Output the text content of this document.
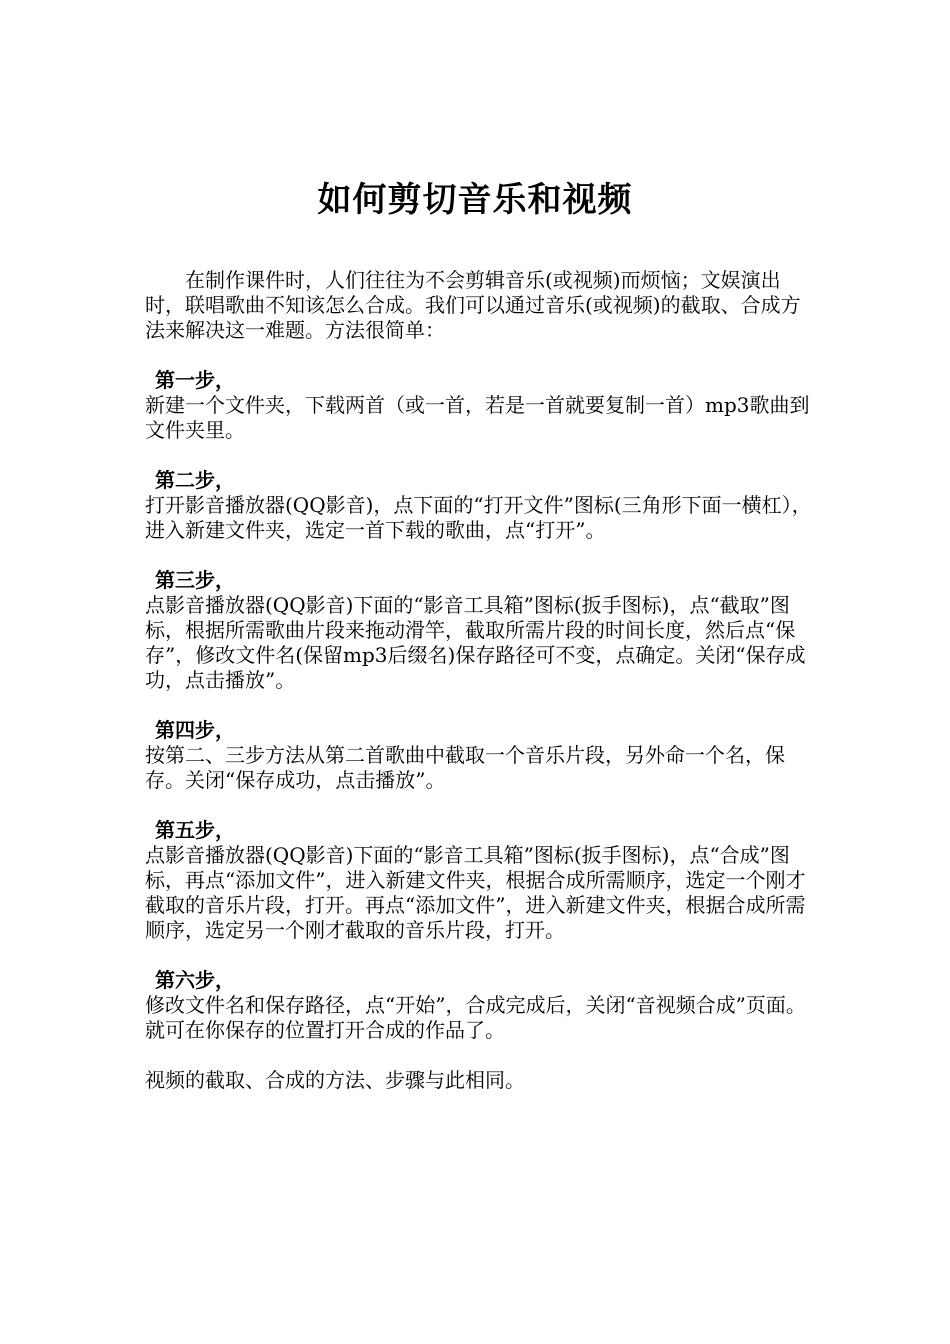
如何剪切音乐和视频

在制作课件时，人们往往为不会剪辑音乐(或视频)而烦恼；文娱演出时，联唱歌曲不知该怎么合成。我们可以通过音乐(或视频)的截取、合成方法来解决这一难题。方法很简单：

第一步，

新建一个文件夹，下载两首（或一首，若是一首就要复制一首）mp3歌曲到文件夹里。

第二步，

打开影音播放器(QQ影音)，点下面的“打开文件”图标(三角形下面一横杠），进入新建文件夹，选定一首下载的歌曲，点“打开”。

第三步，

点影音播放器(QQ影音)下面的“影音工具箱”图标(扳手图标)，点“截取”图标，根据所需歌曲片段来拖动滑竿，截取所需片段的时间长度，然后点“保存”，修改文件名(保留mp3后缀名)保存路径可不变，点确定。关闭“保存成功，点击播放”。

第四步，

按第二、三步方法从第二首歌曲中截取一个音乐片段，另外命一个名，保存。关闭“保存成功，点击播放”。

第五步，

点影音播放器(QQ影音)下面的“影音工具箱”图标(扳手图标)，点“合成”图标，再点“添加文件”，进入新建文件夹，根据合成所需顺序，选定一个刚才截取的音乐片段，打开。再点“添加文件”，进入新建文件夹，根据合成所需顺序，选定另一个刚才截取的音乐片段，打开。

第六步，

修改文件名和保存路径，点“开始”，合成完成后，关闭“音视频合成”页面。就可在你保存的位置打开合成的作品了。

视频的截取、合成的方法、步骤与此相同。
